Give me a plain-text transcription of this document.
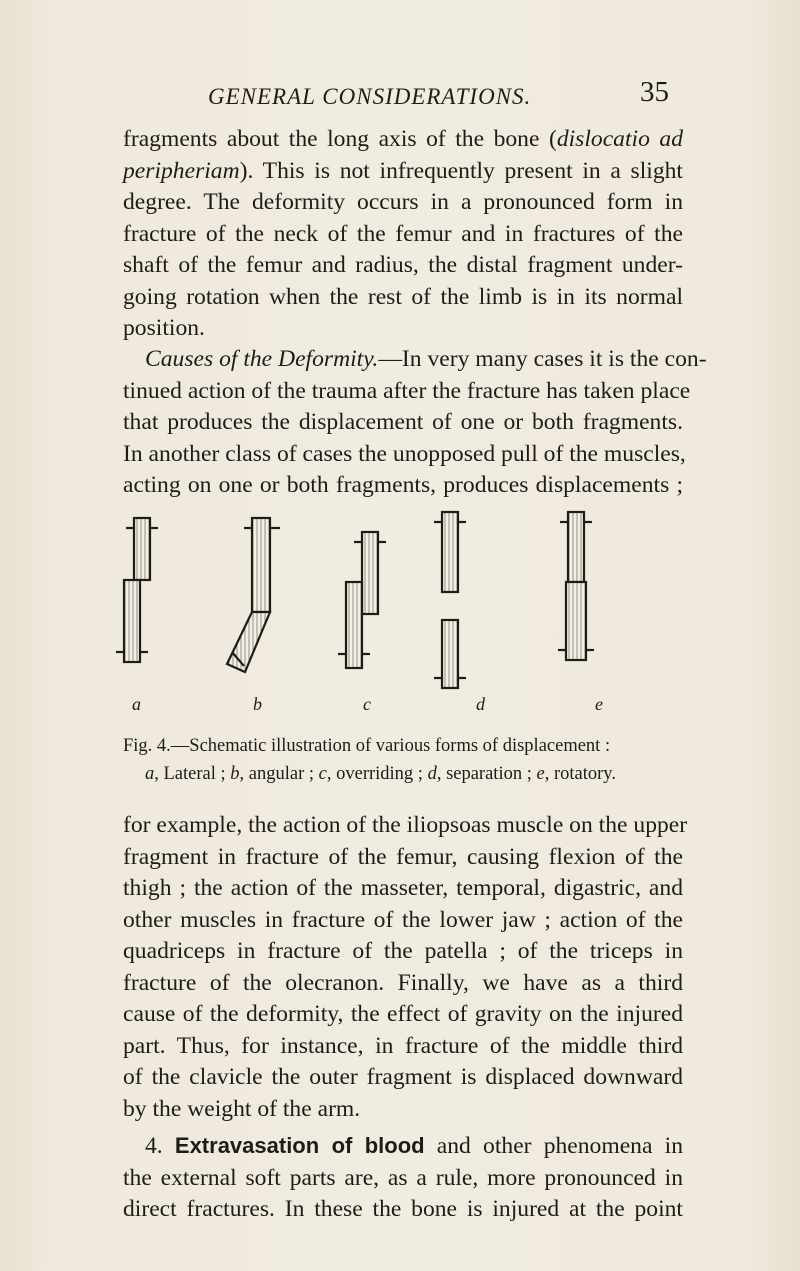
GENERAL CONSIDERATIONS.	35
fragments about the long axis of the bone (dislocatio ad
peripheriam). This is not infrequently present in a slight
degree. The deformity occurs in a pronounced form in
fracture of the neck of the femur and in fractures of the
shaft of the femur and radius, the distal fragment under-
going rotation when the rest of the limb is in its normal
position.
Causes of the Deformity.—In very many cases it is the con-
tinued action of the trauma after the fracture has taken place
that produces the displacement of one or both fragments.
In another class of cases the unopposed pull of the muscles,
acting on one or both fragments, produces displacements ;
a	b	c	d	e
Fig. 4.—Schematic illustration of various forms of displacement :
a, Lateral ; b, angular ; c, overriding ; d, separation ; e, rotatory.
for example, the action of the iliopsoas muscle on the upper
fragment in fracture of the femur, causing flexion of the
thigh ; the action of the masseter, temporal, digastric, and
other muscles in fracture of the lower jaw ; action of the
quadriceps in fracture of the patella ; of the triceps in
fracture of the olecranon. Finally, we have as a third
cause of the deformity, the effect of gravity on the injured
part. Thus, for instance, in fracture of the middle third
of the clavicle the outer fragment is displaced downward
by the weight of the arm.
4. Extravasation of blood and other phenomena in
the external soft parts are, as a rule, more pronounced in
direct fractures. In these the bone is injured at the point
